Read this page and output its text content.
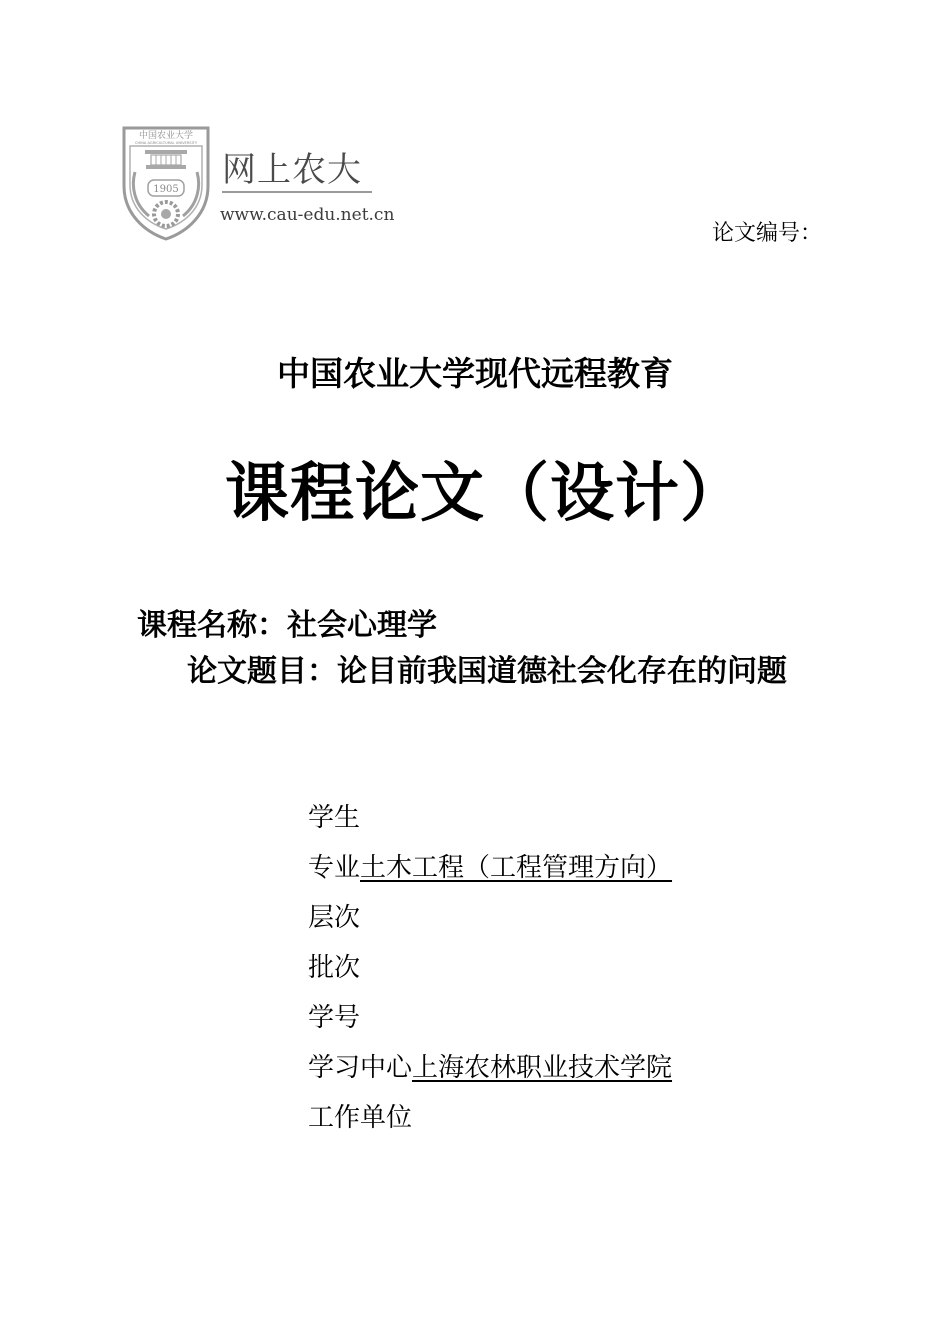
中国农业大学
CHINA AGRICULTURAL UNIVERSITY
1905 网上农大
www.cau-edu.net.cn
论文编号：
中国农业大学现代远程教育
课程论文（设计）
课程名称：社会心理学
论文题目：论目前我国道德社会化存在的问题
学生
专业土木工程（工程管理方向）
层次
批次
学号
学习中心上海农林职业技术学院
工作单位
